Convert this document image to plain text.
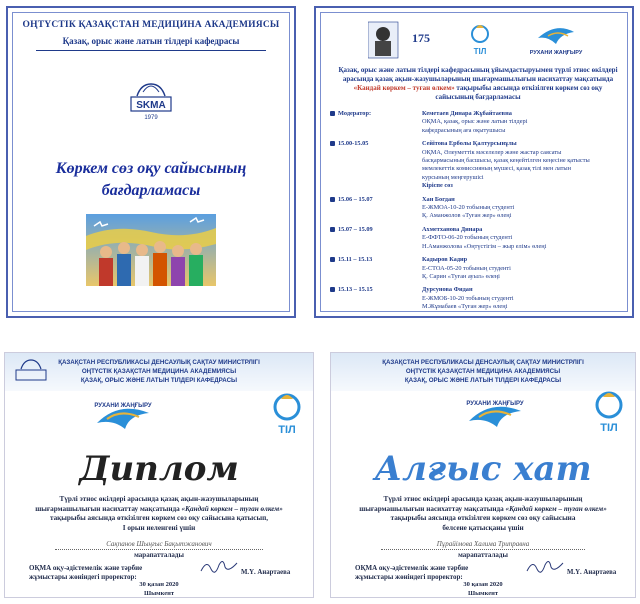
ОҢТҮСТІК ҚАЗАҚСТАН МЕДИЦИНА АКАДЕМИЯСЫ
Қазақ, орыс және латын тілдері кафедрасы
SKMA
1979
Көркем сөз оқу сайысының
бағдарламасы
175
ТІЛ	РУХАНИ ЖАҢҒЫРУ
Қазақ, орыс және латын тілдері кафедрасының ұйымдастыруымен түрлі этнос өкілдері арасында қазақ ақын-жазушыларының шығармашылығын насихаттау мақсатында «Кандай көркем – туған өлкем» тақырыбы аясында өткізілген көркем сөз оқу сайысының бағдарламасы
Модератор:	Кеметаев Динара Жұбайтаевна
ОҚМА, қазақ, орыс және латын тілдері
кафедрасының аға оқытушысы
15.00-15.05	Сейітова Ерболы Қалтурсынұлы
ОҚМА, Әлеуметтік мәселелер және жастар саясаты
басқармасының басшысы, қазақ кеңейтілген кеңесіне қатысты
мемлекеттік комиссияның мүшесі, қазақ тілі мен латын
курсының меңгерушісі
Кіріспе сөз
15.06 – 15.07	Хан Богдан
Е-ЖМОА-10-20 тобының студенті
Қ. Аманжолов «Туған жер» өлеңі
15.07 – 15.09	Ахметханова Динара
Е-ФФТО-06-20 тобының студенті
Н.Аманжолова «Оңтүстігім – жыр елім» өлеңі
15.11 – 15.13	Кадыров Кадир
Е-СТОА-05-20 тобының студенті
Қ. Сарин «Туған ауыл» өлеңі
15.13 – 15.15	Дурсунова Фидан
Е-ЖМОБ-10-20 тобының студенті
М.Жұмабаев «Туған жер» өлеңі
ҚАЗАҚСТАН РЕСПУБЛИКАСЫ ДЕНСАУЛЫҚ САҚТАУ МИНИСТРЛІГІ
ОҢТҮСТІК ҚАЗАҚСТАН МЕДИЦИНА АКАДЕМИЯСЫ
ҚАЗАҚ, ОРЫС ЖӘНЕ ЛАТЫН ТІЛДЕРІ КАФЕДРАСЫ
РУХАНИ ЖАҢҒЫРУ
ТІЛ
Диплом
Түрлі этнос өкілдері арасында қазақ ақын-жазушыларының шығармашылығын насихаттау мақсатында «Қандай көркем – туған өлкем» тақырыбы аясында өткізілген көркем сөз оқу сайысына қатысып,
I орын иеленгені үшін
Сақпанов Шыңғыс Бақытжанович
марапатталады
ОҚМА оқу-әдістемелік және тәрбие
жұмыстары жөніндегі проректор:
М.Ү. Анартаева
30 қазан 2020
Шымкент
ҚАЗАҚСТАН РЕСПУБЛИКАСЫ ДЕНСАУЛЫҚ САҚТАУ МИНИСТРЛІГІ
ОҢТҮСТІК ҚАЗАҚСТАН МЕДИЦИНА АКАДЕМИЯСЫ
ҚАЗАҚ, ОРЫС ЖӘНЕ ЛАТЫН ТІЛДЕРІ КАФЕДРАСЫ
РУХАНИ ЖАҢҒЫРУ
ТІЛ
Алғыс хат
Түрлі этнос өкілдері арасында қазақ ақын-жазушыларының шығармашылығын насихаттау мақсатында «Қандай көркем – туған өлкем» тақырыбы аясында өткізілген көркем сөз оқу сайысына
белсене қатысқаны үшін
Пұрайімова Халима Триправна
марапатталады
ОҚМА оқу-әдістемелік және тәрбие
жұмыстары жөніндегі проректор:
М.Ү. Анартаева
30 қазан 2020
Шымкент
